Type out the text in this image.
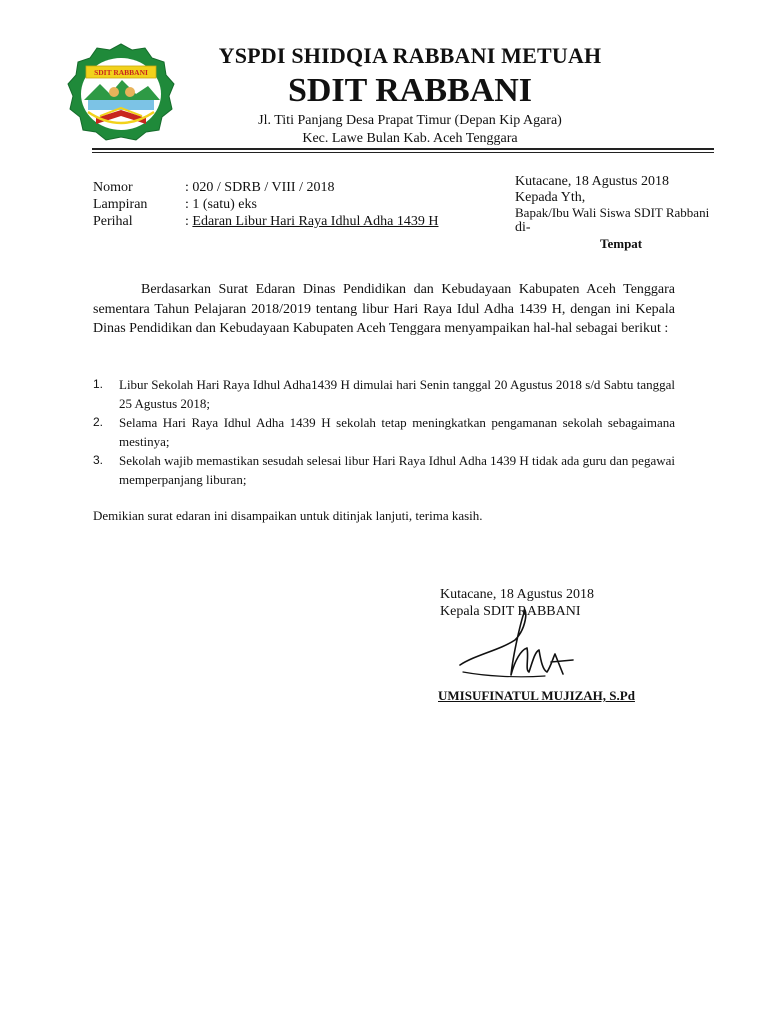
SDIT RABBANI
YSPDI SHIDQIA RABBANI METUAH
SDIT RABBANI
Jl. Titi Panjang Desa Prapat Timur (Depan Kip Agara)
Kec. Lawe Bulan Kab. Aceh Tenggara
Nomor	: 020 / SDRB / VIII / 2018
Lampiran	: 1 (satu) eks
Perihal	: Edaran Libur Hari Raya Idhul Adha 1439 H
Kutacane, 18 Agustus 2018
Kepada Yth,
Bapak/Ibu Wali Siswa SDIT Rabbani
di-
Tempat
Berdasarkan Surat Edaran Dinas Pendidikan dan Kebudayaan Kabupaten Aceh Tenggara sementara Tahun Pelajaran 2018/2019 tentang libur Hari Raya Idul Adha 1439 H, dengan ini Kepala Dinas Pendidikan dan Kebudayaan Kabupaten Aceh Tenggara menyampaikan hal-hal sebagai berikut :
1. Libur Sekolah Hari Raya Idhul Adha1439 H dimulai hari Senin tanggal 20 Agustus 2018 s/d Sabtu tanggal 25 Agustus 2018;
2. Selama Hari Raya Idhul Adha 1439 H sekolah tetap meningkatkan pengamanan sekolah sebagaimana mestinya;
3. Sekolah wajib memastikan sesudah selesai libur Hari Raya Idhul Adha 1439 H tidak ada guru dan pegawai memperpanjang liburan;
Demikian surat edaran ini disampaikan untuk ditinjak lanjuti, terima kasih.
Kutacane, 18 Agustus 2018
Kepala SDIT RABBANI
UMISUFINATUL MUJIZAH, S.Pd
